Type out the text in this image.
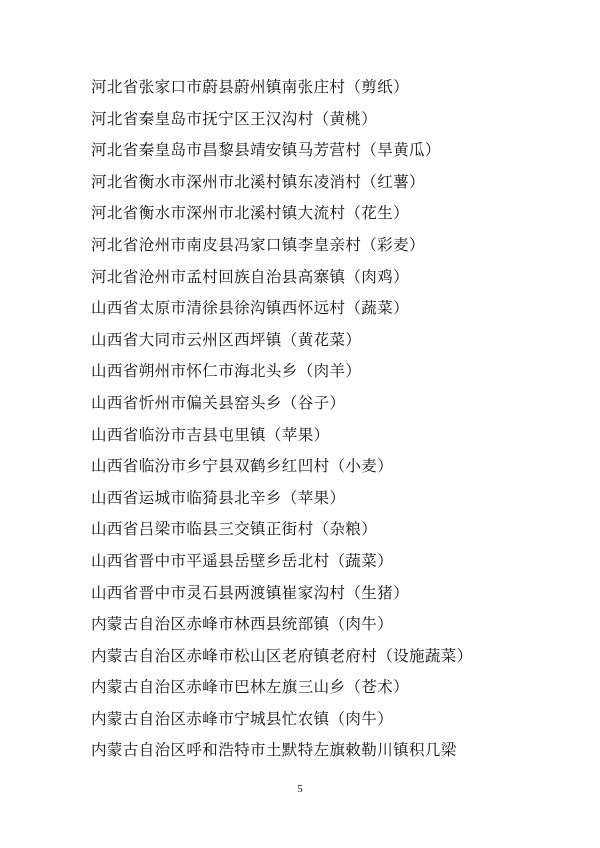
河北省张家口市蔚县蔚州镇南张庄村（剪纸）
河北省秦皇岛市抚宁区王汉沟村（黄桃）
河北省秦皇岛市昌黎县靖安镇马芳营村（旱黄瓜）
河北省衡水市深州市北溪村镇东凌消村（红薯）
河北省衡水市深州市北溪村镇大流村（花生）
河北省沧州市南皮县冯家口镇李皇亲村（彩麦）
河北省沧州市孟村回族自治县高寨镇（肉鸡）
山西省太原市清徐县徐沟镇西怀远村（蔬菜）
山西省大同市云州区西坪镇（黄花菜）
山西省朔州市怀仁市海北头乡（肉羊）
山西省忻州市偏关县窑头乡（谷子）
山西省临汾市吉县屯里镇（苹果）
山西省临汾市乡宁县双鹤乡红凹村（小麦）
山西省运城市临猗县北辛乡（苹果）
山西省吕梁市临县三交镇正街村（杂粮）
山西省晋中市平遥县岳壁乡岳北村（蔬菜）
山西省晋中市灵石县两渡镇崔家沟村（生猪）
内蒙古自治区赤峰市林西县统部镇（肉牛）
内蒙古自治区赤峰市松山区老府镇老府村（设施蔬菜）
内蒙古自治区赤峰市巴林左旗三山乡（苍术）
内蒙古自治区赤峰市宁城县忙农镇（肉牛）
内蒙古自治区呼和浩特市土默特左旗敕勒川镇积几梁
5
